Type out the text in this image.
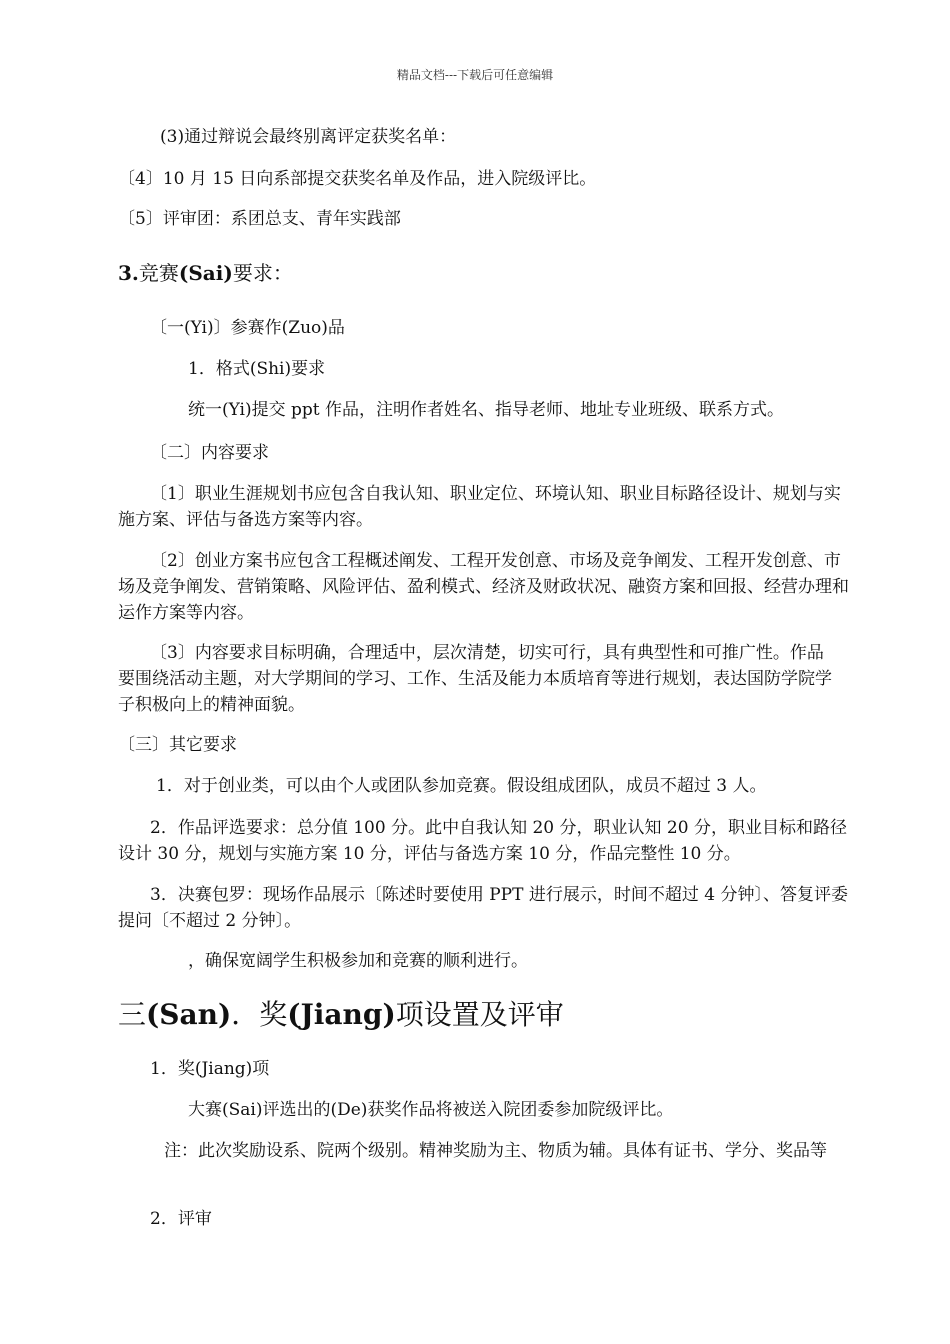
精品文档---下载后可任意编辑
(3)通过辩说会最终别离评定获奖名单：
〔4〕10 月 15 日向系部提交获奖名单及作品，进入院级评比。
〔5〕评审团：系团总支、青年实践部
3.竞赛(Sai)要求：
〔一(Yi)〕参赛作(Zuo)品
1．格式(Shi)要求
统一(Yi)提交 ppt 作品，注明作者姓名、指导老师、地址专业班级、联系方式。
〔二〕内容要求
〔1〕职业生涯规划书应包含自我认知、职业定位、环境认知、职业目标路径设计、规划与实施方案、评估与备选方案等内容。
〔2〕创业方案书应包含工程概述阐发、工程开发创意、市场及竞争阐发、工程开发创意、市场及竞争阐发、营销策略、风险评估、盈利模式、经济及财政状况、融资方案和回报、经营办理和运作方案等内容。
〔3〕内容要求目标明确，合理适中，层次清楚，切实可行，具有典型性和可推广性。作品要围绕活动主题，对大学期间的学习、工作、生活及能力本质培育等进行规划，表达国防学院学子积极向上的精神面貌。
〔三〕其它要求
1．对于创业类，可以由个人或团队参加竞赛。假设组成团队，成员不超过 3 人。
2．作品评选要求：总分值 100 分。此中自我认知 20 分，职业认知 20 分，职业目标和路径设计 30 分，规划与实施方案 10 分，评估与备选方案 10 分，作品完整性 10 分。
3．决赛包罗：现场作品展示〔陈述时要使用 PPT 进行展示，时间不超过 4 分钟〕、答复评委提问〔不超过 2 分钟〕。
，确保宽阔学生积极参加和竞赛的顺利进行。
三(San)．奖(Jiang)项设置及评审
1．奖(Jiang)项
大赛(Sai)评选出的(De)获奖作品将被送入院团委参加院级评比。
注：此次奖励设系、院两个级别。精神奖励为主、物质为辅。具体有证书、学分、奖品等
2．评审
